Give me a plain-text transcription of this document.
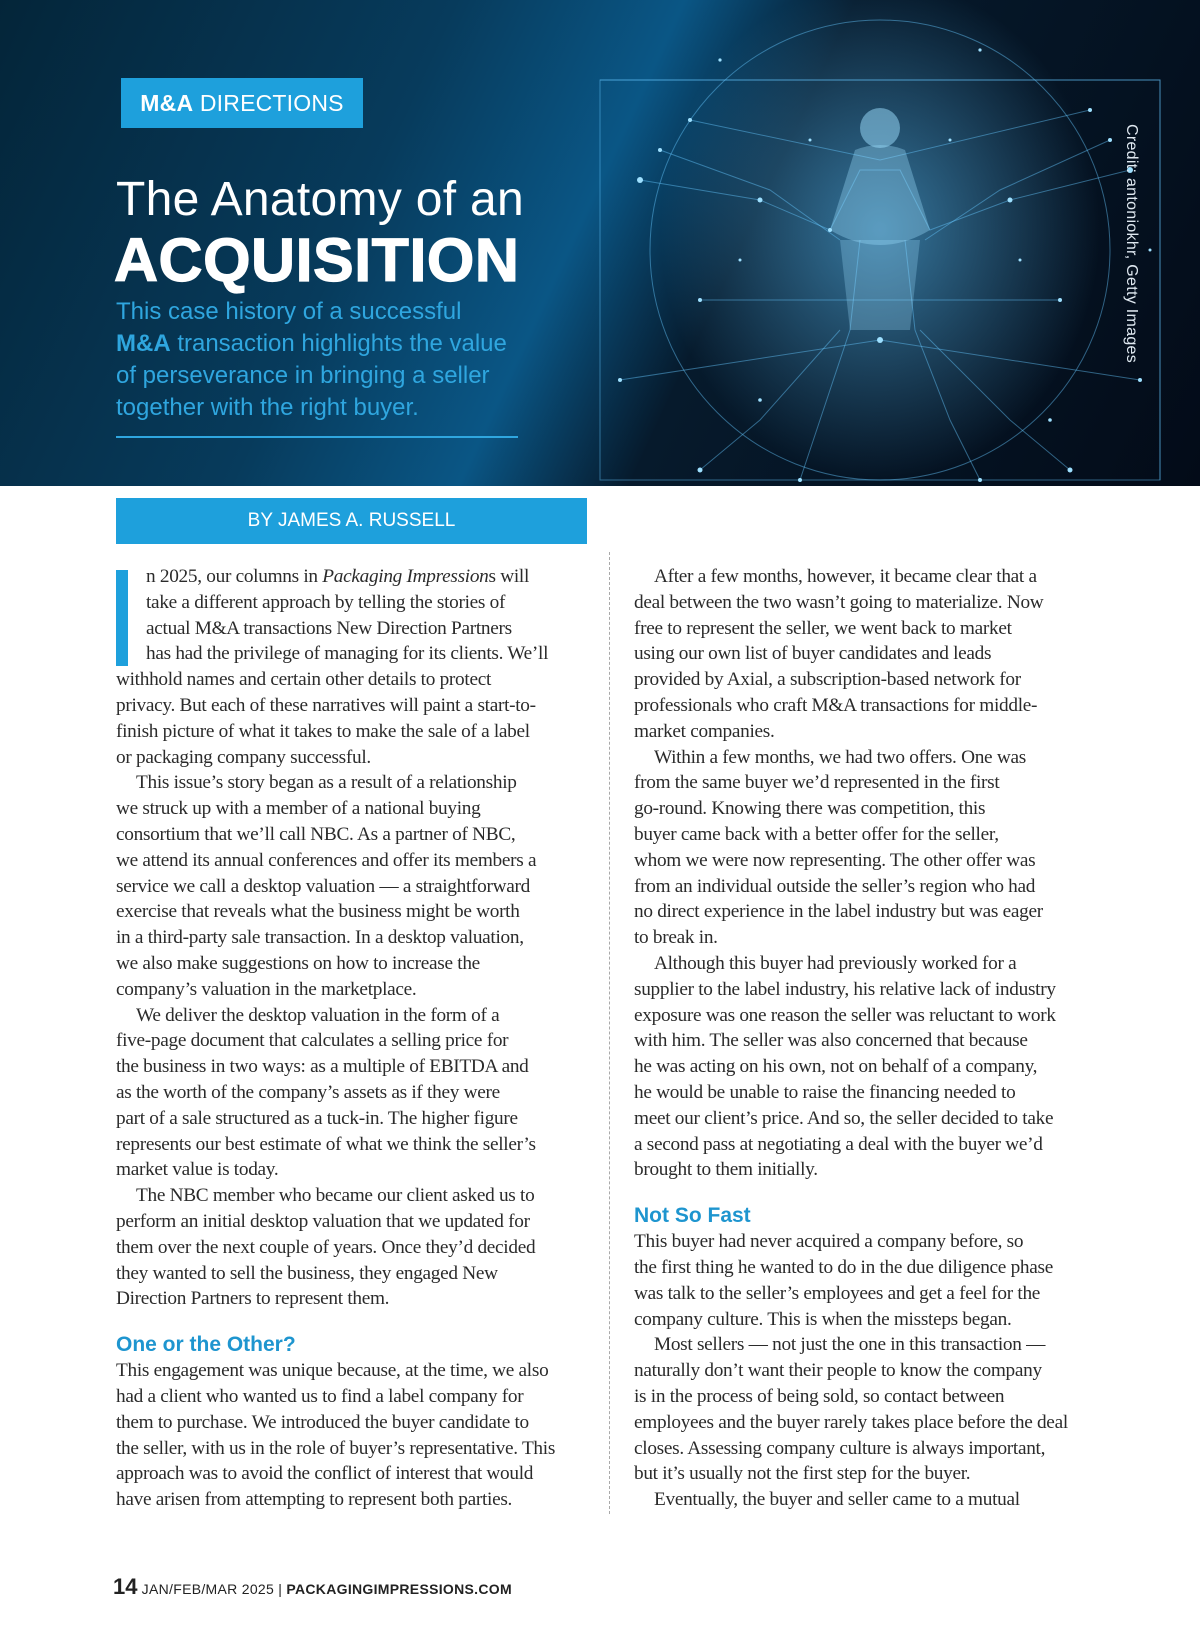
M&A DIRECTIONS
The Anatomy of an
ACQUISITION
This case history of a successful
M&A transaction highlights the value
of perseverance in bringing a seller
together with the right buyer.
Credit: antoniokhr, Getty Images
BY JAMES A. RUSSELL
n 2025, our columns in Packaging Impressions will
take a different approach by telling the stories of
actual M&A transactions New Direction Partners
has had the privilege of managing for its clients. We’ll
withhold names and certain other details to protect
privacy. But each of these narratives will paint a start-to-
finish picture of what it takes to make the sale of a label
or packaging company successful.
This issue’s story began as a result of a relationship
we struck up with a member of a national buying
consortium that we’ll call NBC. As a partner of NBC,
we attend its annual conferences and offer its members a
service we call a desktop valuation — a straightforward
exercise that reveals what the business might be worth
in a third-party sale transaction. In a desktop valuation,
we also make suggestions on how to increase the
company’s valuation in the marketplace.
We deliver the desktop valuation in the form of a
five-page document that calculates a selling price for
the business in two ways: as a multiple of EBITDA and
as the worth of the company’s assets as if they were
part of a sale structured as a tuck-in. The higher figure
represents our best estimate of what we think the seller’s
market value is today.
The NBC member who became our client asked us to
perform an initial desktop valuation that we updated for
them over the next couple of years. Once they’d decided
they wanted to sell the business, they engaged New
Direction Partners to represent them.
One or the Other?
This engagement was unique because, at the time, we also
had a client who wanted us to find a label company for
them to purchase. We introduced the buyer candidate to
the seller, with us in the role of buyer’s representative. This
approach was to avoid the conflict of interest that would
have arisen from attempting to represent both parties.
After a few months, however, it became clear that a
deal between the two wasn’t going to materialize. Now
free to represent the seller, we went back to market
using our own list of buyer candidates and leads
provided by Axial, a subscription-based network for
professionals who craft M&A transactions for middle-
market companies.
Within a few months, we had two offers. One was
from the same buyer we’d represented in the first
go-round. Knowing there was competition, this
buyer came back with a better offer for the seller,
whom we were now representing. The other offer was
from an individual outside the seller’s region who had
no direct experience in the label industry but was eager
to break in.
Although this buyer had previously worked for a
supplier to the label industry, his relative lack of industry
exposure was one reason the seller was reluctant to work
with him. The seller was also concerned that because
he was acting on his own, not on behalf of a company,
he would be unable to raise the financing needed to
meet our client’s price. And so, the seller decided to take
a second pass at negotiating a deal with the buyer we’d
brought to them initially.
Not So Fast
This buyer had never acquired a company before, so
the first thing he wanted to do in the due diligence phase
was talk to the seller’s employees and get a feel for the
company culture. This is when the missteps began.
Most sellers — not just the one in this transaction —
naturally don’t want their people to know the company
is in the process of being sold, so contact between
employees and the buyer rarely takes place before the deal
closes. Assessing company culture is always important,
but it’s usually not the first step for the buyer.
Eventually, the buyer and seller came to a mutual
14 JAN/FEB/MAR 2025 | PACKAGINGIMPRESSIONS.COM
